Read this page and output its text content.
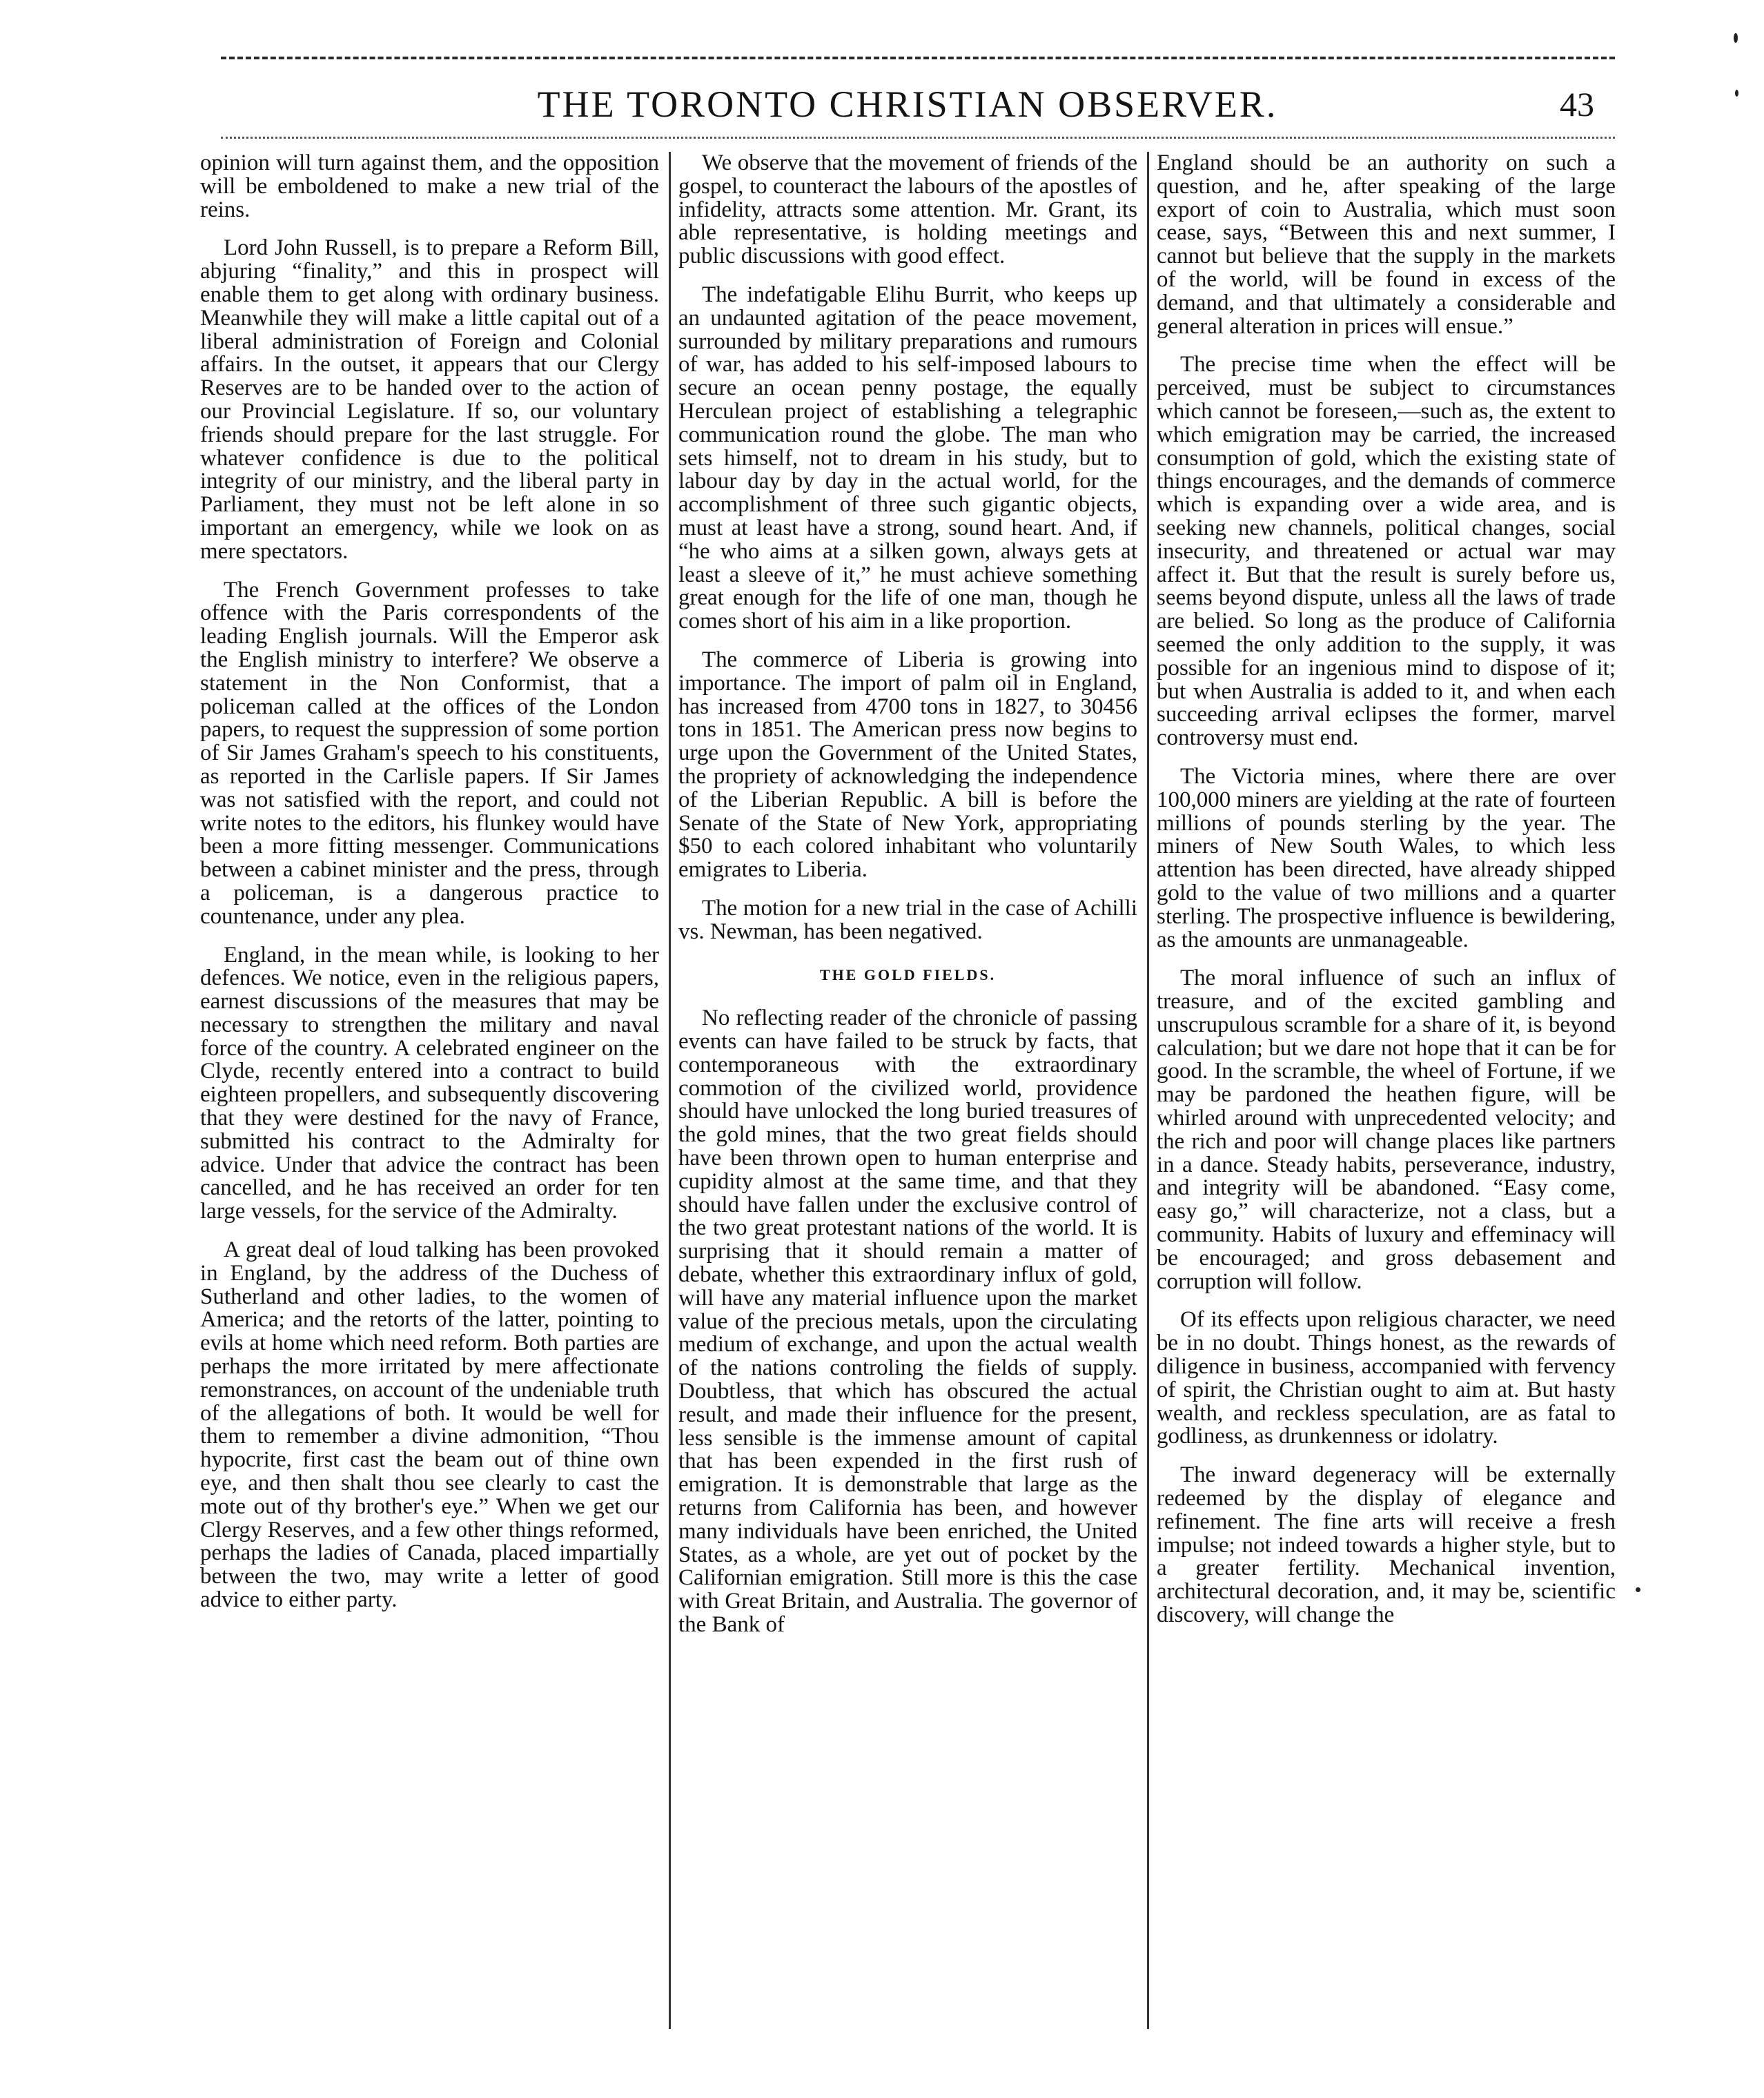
THE TORONTO CHRISTIAN OBSERVER.	43

opinion will turn against them, and the opposition will be emboldened to make a new trial of the reins.

Lord John Russell, is to prepare a Reform Bill, abjuring “finality,” and this in prospect will enable them to get along with ordinary business. Meanwhile they will make a little capital out of a liberal administration of Foreign and Colonial affairs. In the outset, it appears that our Clergy Reserves are to be handed over to the action of our Provincial Legislature. If so, our voluntary friends should prepare for the last struggle. For whatever confidence is due to the political integrity of our ministry, and the liberal party in Parliament, they must not be left alone in so important an emergency, while we look on as mere spectators.

The French Government professes to take offence with the Paris correspondents of the leading English journals. Will the Emperor ask the English ministry to interfere? We observe a statement in the Non Conformist, that a policeman called at the offices of the London papers, to request the suppression of some portion of Sir James Graham's speech to his constituents, as reported in the Carlisle papers. If Sir James was not satisfied with the report, and could not write notes to the editors, his flunkey would have been a more fitting messenger. Communications between a cabinet minister and the press, through a policeman, is a dangerous practice to countenance, under any plea.

England, in the mean while, is looking to her defences. We notice, even in the religious papers, earnest discussions of the measures that may be necessary to strengthen the military and naval force of the country. A celebrated engineer on the Clyde, recently entered into a contract to build eighteen propellers, and subsequently discovering that they were destined for the navy of France, submitted his contract to the Admiralty for advice. Under that advice the contract has been cancelled, and he has received an order for ten large vessels, for the service of the Admiralty.

A great deal of loud talking has been provoked in England, by the address of the Duchess of Sutherland and other ladies, to the women of America; and the retorts of the latter, pointing to evils at home which need reform. Both parties are perhaps the more irritated by mere affectionate remonstrances, on account of the undeniable truth of the allegations of both. It would be well for them to remember a divine admonition, “Thou hypocrite, first cast the beam out of thine own eye, and then shalt thou see clearly to cast the mote out of thy brother's eye.” When we get our Clergy Reserves, and a few other things reformed, perhaps the ladies of Canada, placed impartially between the two, may write a letter of good advice to either party.

We observe that the movement of friends of the gospel, to counteract the labours of the apostles of infidelity, attracts some attention. Mr. Grant, its able representative, is holding meetings and public discussions with good effect.

The indefatigable Elihu Burrit, who keeps up an undaunted agitation of the peace movement, surrounded by military preparations and rumours of war, has added to his self-imposed labours to secure an ocean penny postage, the equally Herculean project of establishing a telegraphic communication round the globe. The man who sets himself, not to dream in his study, but to labour day by day in the actual world, for the accomplishment of three such gigantic objects, must at least have a strong, sound heart. And, if “he who aims at a silken gown, always gets at least a sleeve of it,” he must achieve something great enough for the life of one man, though he comes short of his aim in a like proportion.

The commerce of Liberia is growing into importance. The import of palm oil in England, has increased from 4700 tons in 1827, to 30456 tons in 1851. The American press now begins to urge upon the Government of the United States, the propriety of acknowledging the independence of the Liberian Republic. A bill is before the Senate of the State of New York, appropriating $50 to each colored inhabitant who voluntarily emigrates to Liberia.

The motion for a new trial in the case of Achilli vs. Newman, has been negatived.

THE GOLD FIELDS.

No reflecting reader of the chronicle of passing events can have failed to be struck by facts, that contemporaneous with the extraordinary commotion of the civilized world, providence should have unlocked the long buried treasures of the gold mines, that the two great fields should have been thrown open to human enterprise and cupidity almost at the same time, and that they should have fallen under the exclusive control of the two great protestant nations of the world. It is surprising that it should remain a matter of debate, whether this extraordinary influx of gold, will have any material influence upon the market value of the precious metals, upon the circulating medium of exchange, and upon the actual wealth of the nations controling the fields of supply. Doubtless, that which has obscured the actual result, and made their influence for the present, less sensible is the immense amount of capital that has been expended in the first rush of emigration. It is demonstrable that large as the returns from California has been, and however many individuals have been enriched, the United States, as a whole, are yet out of pocket by the Californian emigration. Still more is this the case with Great Britain, and Australia. The governor of the Bank of

England should be an authority on such a question, and he, after speaking of the large export of coin to Australia, which must soon cease, says, “Between this and next summer, I cannot but believe that the supply in the markets of the world, will be found in excess of the demand, and that ultimately a considerable and general alteration in prices will ensue.”

The precise time when the effect will be perceived, must be subject to circumstances which cannot be foreseen,—such as, the extent to which emigration may be carried, the increased consumption of gold, which the existing state of things encourages, and the demands of commerce which is expanding over a wide area, and is seeking new channels, political changes, social insecurity, and threatened or actual war may affect it. But that the result is surely before us, seems beyond dispute, unless all the laws of trade are belied. So long as the produce of California seemed the only addition to the supply, it was possible for an ingenious mind to dispose of it; but when Australia is added to it, and when each succeeding arrival eclipses the former, marvel controversy must end.

The Victoria mines, where there are over 100,000 miners are yielding at the rate of fourteen millions of pounds sterling by the year. The miners of New South Wales, to which less attention has been directed, have already shipped gold to the value of two millions and a quarter sterling. The prospective influence is bewildering, as the amounts are unmanageable.

The moral influence of such an influx of treasure, and of the excited gambling and unscrupulous scramble for a share of it, is beyond calculation; but we dare not hope that it can be for good. In the scramble, the wheel of Fortune, if we may be pardoned the heathen figure, will be whirled around with unprecedented velocity; and the rich and poor will change places like partners in a dance. Steady habits, perseverance, industry, and integrity will be abandoned. “Easy come, easy go,” will characterize, not a class, but a community. Habits of luxury and effeminacy will be encouraged; and gross debasement and corruption will follow.

Of its effects upon religious character, we need be in no doubt. Things honest, as the rewards of diligence in business, accompanied with fervency of spirit, the Christian ought to aim at. But hasty wealth, and reckless speculation, are as fatal to godliness, as drunkenness or idolatry.

The inward degeneracy will be externally redeemed by the display of elegance and refinement. The fine arts will receive a fresh impulse; not indeed towards a higher style, but to a greater fertility. Mechanical invention, architectural decoration, and, it may be, scientific discovery, will change the
